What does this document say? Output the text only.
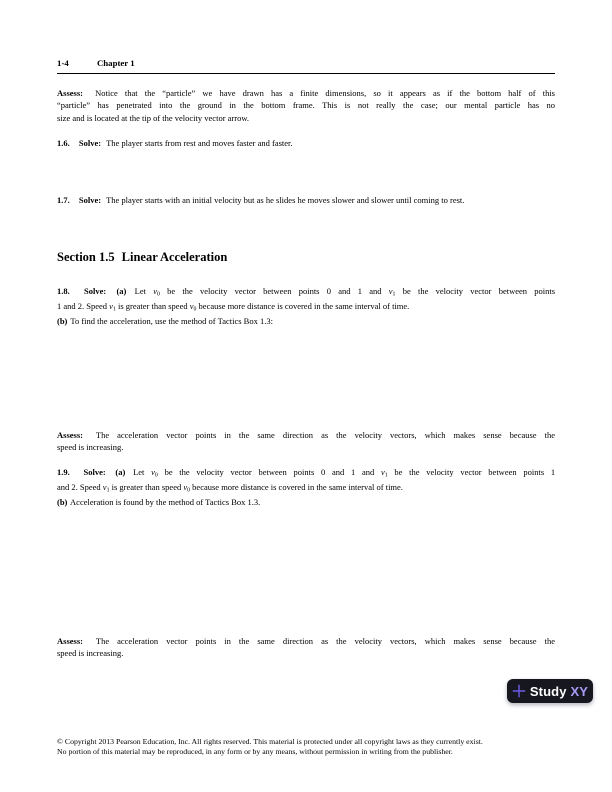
1-4	Chapter 1
Assess: Notice that the “particle” we have drawn has a finite dimensions, so it appears as if the bottom half of this
“particle” has penetrated into the ground in the bottom frame. This is not really the case; our mental particle has no
size and is located at the tip of the velocity vector arrow.
1.6. Solve: The player starts from rest and moves faster and faster.
1.7. Solve: The player starts with an initial velocity but as he slides he moves slower and slower until coming to rest.
Section 1.5 Linear Acceleration
1.8. Solve: (a) Let $v_0$ be the velocity vector between points 0 and 1 and $v_1$ be the velocity vector between points
1 and 2. Speed $v_1$ is greater than speed $v_0$ because more distance is covered in the same interval of time.
(b) To find the acceleration, use the method of Tactics Box 1.3:
Assess: The acceleration vector points in the same direction as the velocity vectors, which makes sense because the
speed is increasing.
1.9. Solve: (a) Let $v_0$ be the velocity vector between points 0 and 1 and $v_1$ be the velocity vector between points 1
and 2. Speed $v_1$ is greater than speed $v_0$ because more distance is covered in the same interval of time.
(b) Acceleration is found by the method of Tactics Box 1.3.
Assess: The acceleration vector points in the same direction as the velocity vectors, which makes sense because the
speed is increasing.
Study XY
© Copyright 2013 Pearson Education, Inc. All rights reserved. This material is protected under all copyright laws as they currently exist.
No portion of this material may be reproduced, in any form or by any means, without permission in writing from the publisher.
